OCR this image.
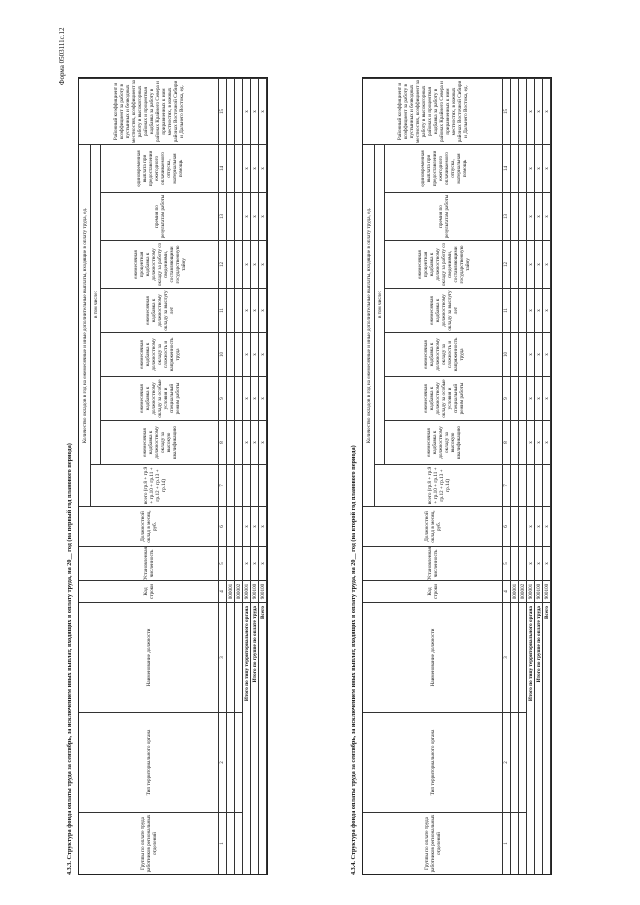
Форма 0503111с.12
4.3.3. Структура фонда оплаты труда за сентябрь, за исключением иных выплат, входящих в оплату труда, на 20__ год (на первый год планового периода)	Группы по оплате труда работников региональных отделений
Тип территориального органа
Наименование должности
Код строки
Установленная численность
Должностной оклад в месяц, руб.
Количество окладов в год на ежемесячные и иные дополнительные выплаты, входящие в оплату труда, ед.
всего (гр.8 + гр.9 + гр.10 + гр.11 + гр.12 + гр.13 + гр.14)
в том числе:
ежемесячная надбавка к должностному окладу за высокую квалификацию
ежемесячная надбавка к должностному окладу за особые условия и специальный режим работы
ежемесячная надбавка к должностному окладу за сложность и напряженность труда
ежемесячная надбавка к должностному окладу за выслугу лет
ежемесячная процентная надбавка к должностному окладу за работу со сведениями, составляющими государственную тайну
премия по результатам работы
единовременная выплата при предоставлении ежегодного оплачиваемого отпуска, материальная помощь
Районный коэффициент и коэффициент за работу в пустынных и безводных местностях, коэффициент за работу в высокогорных районах и процентная надбавка за работу в районах Крайнего Севера и приравненных к ним местностях, в южных районах Восточной Сибири и Дальнего Востока, ед.
1
2
3
4
5
6
7
8
9
10
11
12
13
14
15
000001 000002
Итого по типу территориального органа
900001
x
x
x
x
x
x
x
x
x
x
Итого по группе по оплате труда
900100
x
x
x
x
x
x
x
x
x
x
Всего
900100
x
x
x
x
x
x
x
x
x
x
4.3.4. Структура фонда оплаты труда за сентябрь, за исключением иных выплат, входящих в оплату труда, на 20__ год (на второй год планового периода)	Группы по оплате труда работников региональных отделений
Тип территориального органа
Наименование должности
Код строки
Установленная численность
Должностной оклад в месяц, руб.
Количество окладов в год на ежемесячные и иные дополнительные выплаты, входящие в оплату труда, ед.
всего (гр.8 + гр.9 + гр.10 + гр.11 + гр.12 + гр.13 + гр.14)
в том числе:
ежемесячная надбавка к должностному окладу за высокую квалификацию
ежемесячная надбавка к должностному окладу за особые условия и специальный режим работы
ежемесячная надбавка к должностному окладу за сложность и напряженность труда
ежемесячная надбавка к должностному окладу за выслугу лет
ежемесячная процентная надбавка к должностному окладу за работу со сведениями, составляющими государственную тайну
премия по результатам работы
единовременная выплата при предоставлении ежегодного оплачиваемого отпуска, материальная помощь
Районный коэффициент и коэффициент за работу в пустынных и безводных местностях, коэффициент за работу в высокогорных районах и процентная надбавка за работу в районах Крайнего Севера и приравненных к ним местностях, в южных районах Восточной Сибири и Дальнего Востока, ед.
1
2
3
4
5
6
7
8
9
10
11
12
13
14
15
000001 000002
Итого по типу территориального органа
900001
x
x
x
x
x
x
x
x
x
x
Итого по группе по оплате труда
900100
x
x
x
x
x
x
x
x
x
x
Всего
900100
x
x
x
x
x
x
x
x
x
x
